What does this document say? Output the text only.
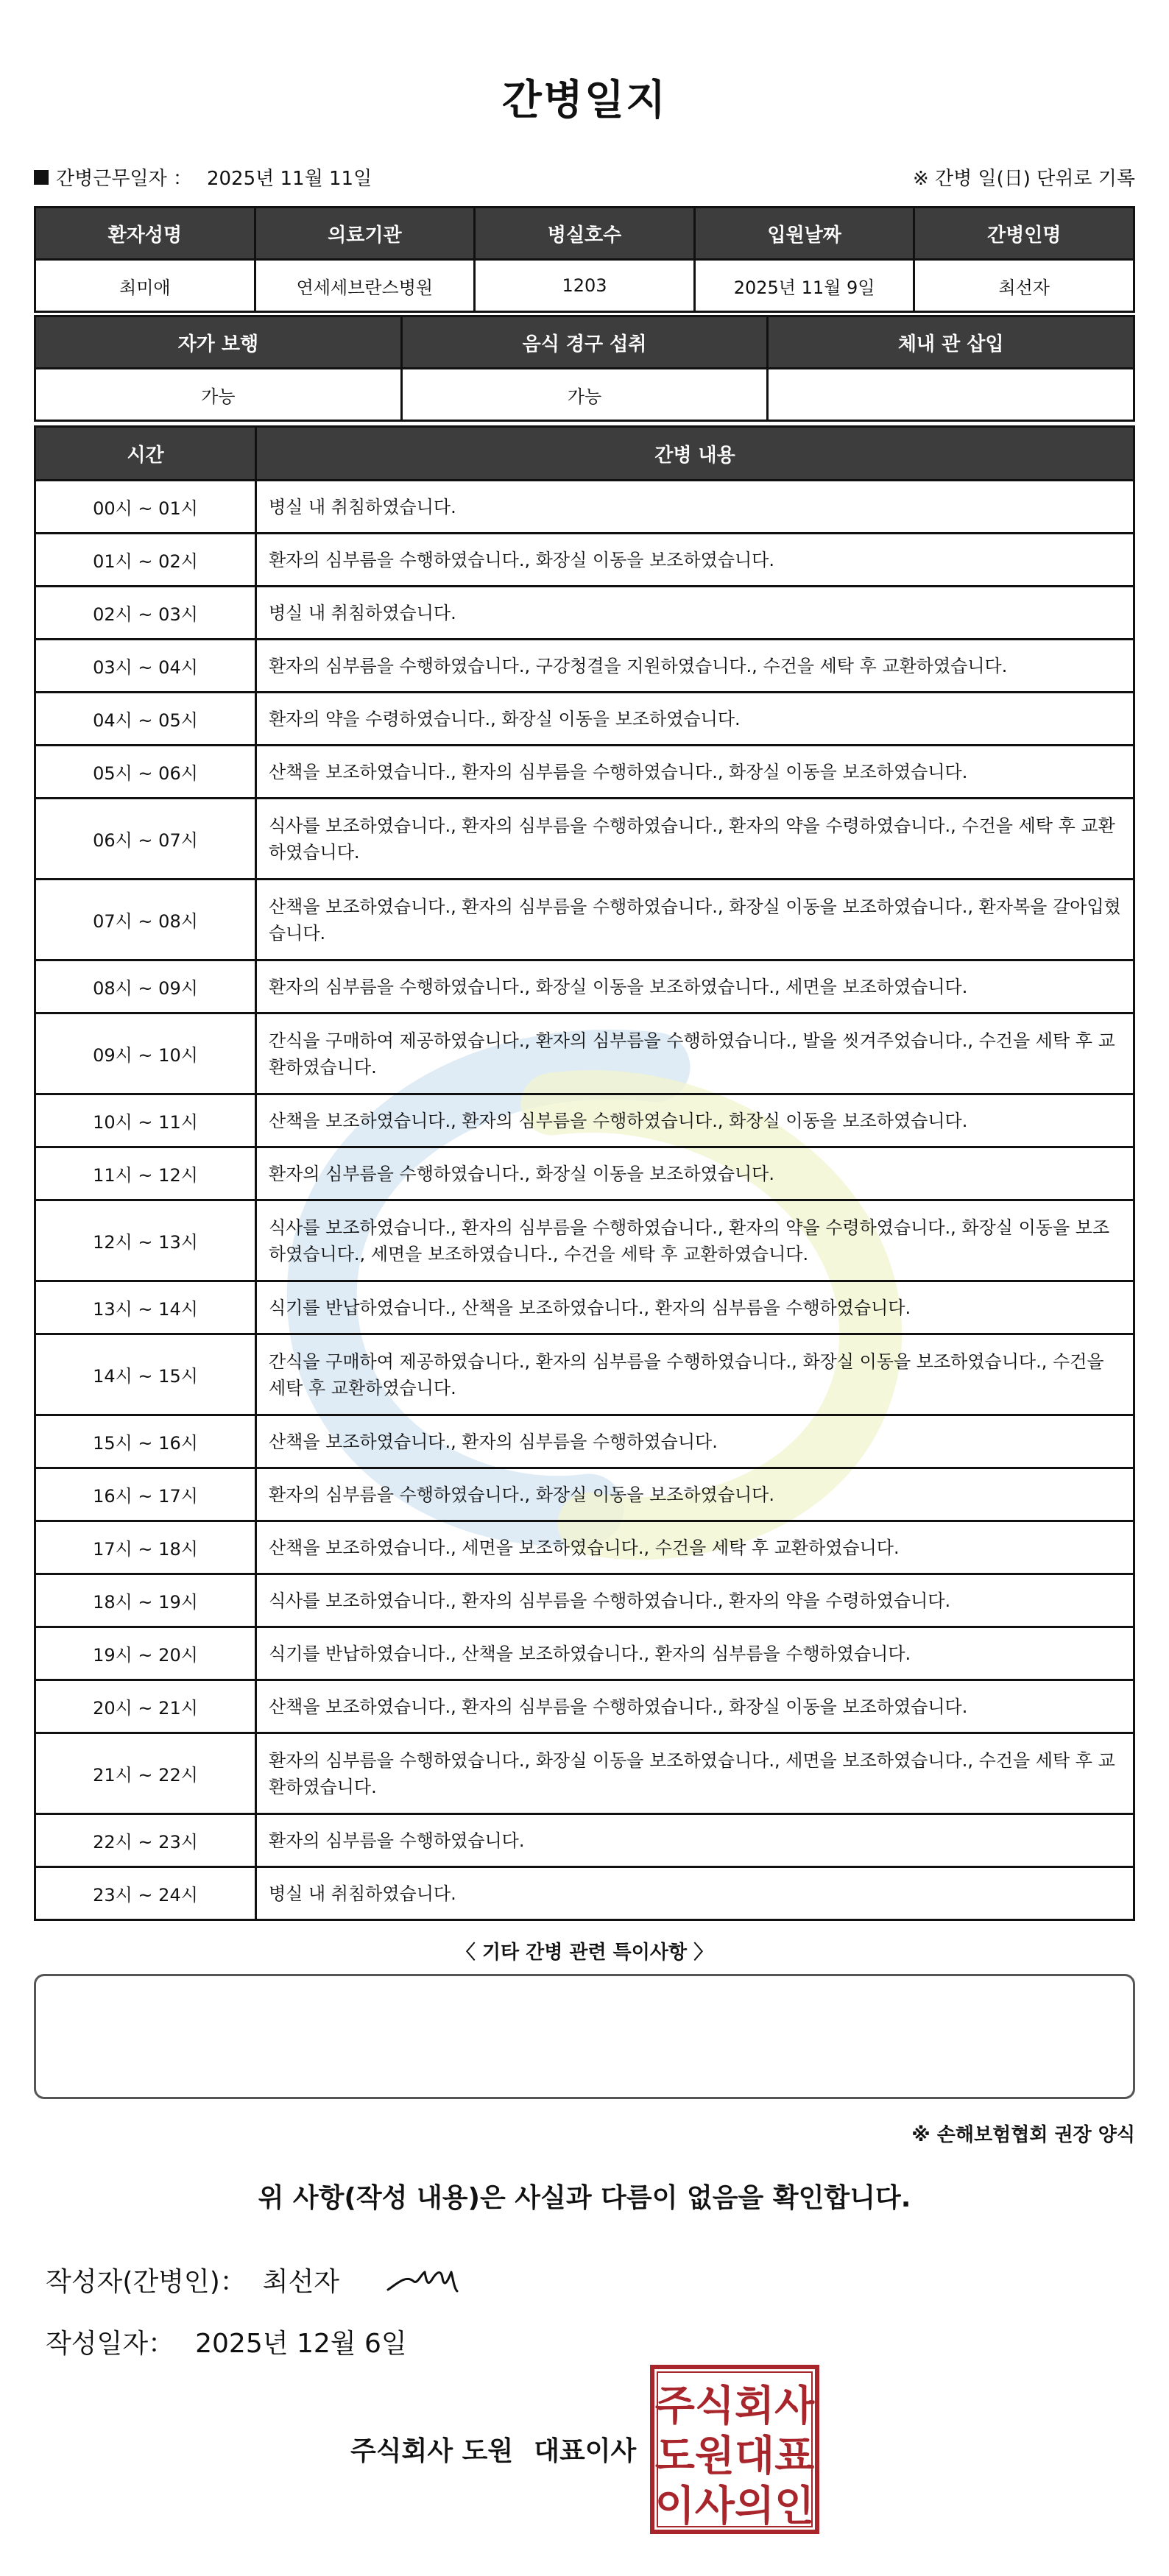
간병일지
간병근무일자 ： 2025년 11월 11일	※ 간병 일(日) 단위로 기록
환자성명	의료기관	병실호수	입원날짜	간병인명
최미애	연세세브란스병원	1203	2025년 11월 9일	최선자
자가 보행	음식 경구 섭취	체내 관 삽입
가능	가능	
시간	간병 내용
00시 ~ 01시	병실 내 취침하였습니다.
01시 ~ 02시	환자의 심부름을 수행하였습니다., 화장실 이동을 보조하였습니다.
02시 ~ 03시	병실 내 취침하였습니다.
03시 ~ 04시	환자의 심부름을 수행하였습니다., 구강청결을 지원하였습니다., 수건을 세탁 후 교환하였습니다.
04시 ~ 05시	환자의 약을 수령하였습니다., 화장실 이동을 보조하였습니다.
05시 ~ 06시	산책을 보조하였습니다., 환자의 심부름을 수행하였습니다., 화장실 이동을 보조하였습니다.
06시 ~ 07시	식사를 보조하였습니다., 환자의 심부름을 수행하였습니다., 환자의 약을 수령하였습니다., 수건을 세탁 후 교환하였습니다.
07시 ~ 08시	산책을 보조하였습니다., 환자의 심부름을 수행하였습니다., 화장실 이동을 보조하였습니다., 환자복을 갈아입혔습니다.
08시 ~ 09시	환자의 심부름을 수행하였습니다., 화장실 이동을 보조하였습니다., 세면을 보조하였습니다.
09시 ~ 10시	간식을 구매하여 제공하였습니다., 환자의 심부름을 수행하였습니다., 발을 씻겨주었습니다., 수건을 세탁 후 교환하였습니다.
10시 ~ 11시	산책을 보조하였습니다., 환자의 심부름을 수행하였습니다., 화장실 이동을 보조하였습니다.
11시 ~ 12시	환자의 심부름을 수행하였습니다., 화장실 이동을 보조하였습니다.
12시 ~ 13시	식사를 보조하였습니다., 환자의 심부름을 수행하였습니다., 환자의 약을 수령하였습니다., 화장실 이동을 보조하였습니다., 세면을 보조하였습니다., 수건을 세탁 후 교환하였습니다.
13시 ~ 14시	식기를 반납하였습니다., 산책을 보조하였습니다., 환자의 심부름을 수행하였습니다.
14시 ~ 15시	간식을 구매하여 제공하였습니다., 환자의 심부름을 수행하였습니다., 화장실 이동을 보조하였습니다., 수건을 세탁 후 교환하였습니다.
15시 ~ 16시	산책을 보조하였습니다., 환자의 심부름을 수행하였습니다.
16시 ~ 17시	환자의 심부름을 수행하였습니다., 화장실 이동을 보조하였습니다.
17시 ~ 18시	산책을 보조하였습니다., 세면을 보조하였습니다., 수건을 세탁 후 교환하였습니다.
18시 ~ 19시	식사를 보조하였습니다., 환자의 심부름을 수행하였습니다., 환자의 약을 수령하였습니다.
19시 ~ 20시	식기를 반납하였습니다., 산책을 보조하였습니다., 환자의 심부름을 수행하였습니다.
20시 ~ 21시	산책을 보조하였습니다., 환자의 심부름을 수행하였습니다., 화장실 이동을 보조하였습니다.
21시 ~ 22시	환자의 심부름을 수행하였습니다., 화장실 이동을 보조하였습니다., 세면을 보조하였습니다., 수건을 세탁 후 교환하였습니다.
22시 ~ 23시	환자의 심부름을 수행하였습니다.
23시 ~ 24시	병실 내 취침하였습니다.
〈 기타 간병 관련 특이사항 〉
※ 손해보험협회 권장 양식
위 사항(작성 내용)은 사실과 다름이 없음을 확인합니다.
작성자(간병인)： 최선자
작성일자： 2025년 12월 6일
주식회사 도원 대표이사
주식회사
도원대표
이사의인
